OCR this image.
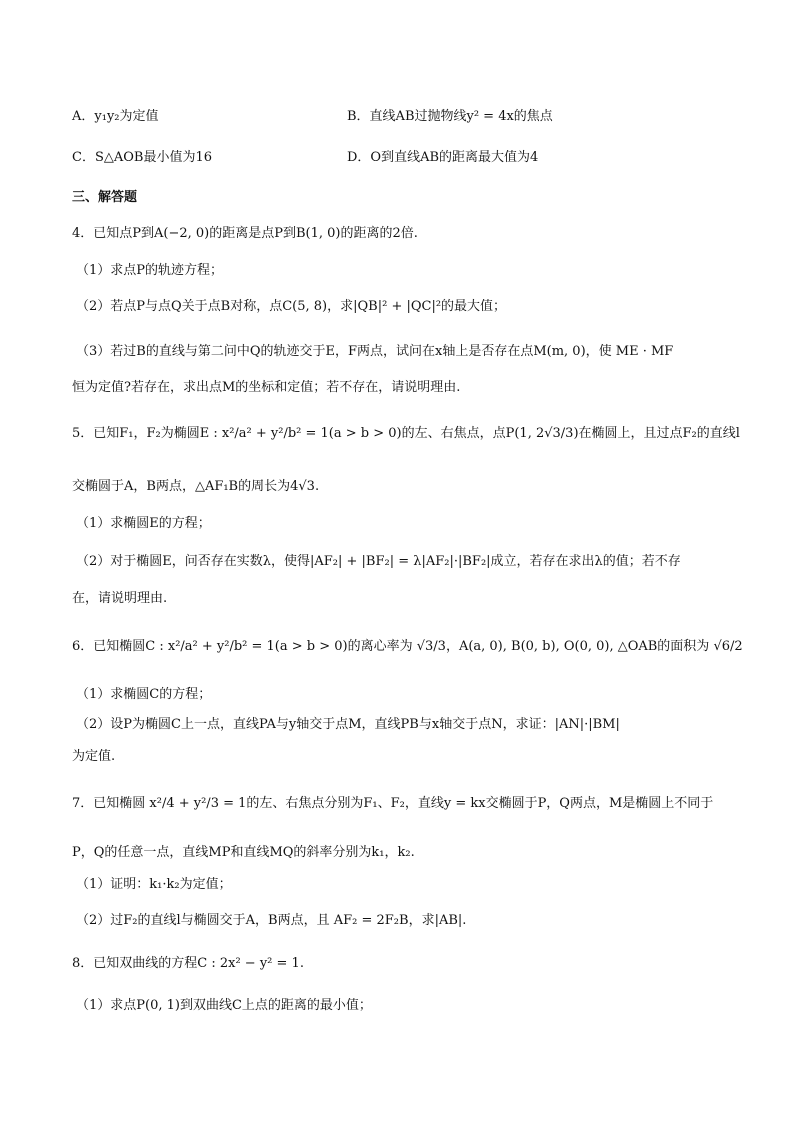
A．y₁y₂为定值	B．直线AB过抛物线y² = 4x的焦点
C．S△AOB最小值为16	D．O到直线AB的距离最大值为4
三、解答题
4．已知点P到A(−2, 0)的距离是点P到B(1, 0)的距离的2倍.
（1）求点P的轨迹方程；
（2）若点P与点Q关于点B对称，点C(5, 8)，求|QB|² + |QC|²的最大值；
（3）若过B的直线与第二问中Q的轨迹交于E，F两点，试问在x轴上是否存在点M(m, 0)，使 ME · MF
恒为定值?若存在，求出点M的坐标和定值；若不存在，请说明理由.
5．已知F₁，F₂为椭圆E : x²/a² + y²/b² = 1(a > b > 0)的左、右焦点，点P(1, 2√3/3)在椭圆上，且过点F₂的直线l
交椭圆于A，B两点，△AF₁B的周长为4√3.
（1）求椭圆E的方程；
（2）对于椭圆E，问否存在实数λ，使得|AF₂| + |BF₂| = λ|AF₂|·|BF₂|成立，若存在求出λ的值；若不存
在，请说明理由.
6．已知椭圆C : x²/a² + y²/b² = 1(a > b > 0)的离心率为 √3/3，A(a, 0), B(0, b), O(0, 0), △OAB的面积为 √6/2
（1）求椭圆C的方程；
（2）设P为椭圆C上一点，直线PA与y轴交于点M，直线PB与x轴交于点N，求证：|AN|·|BM|
为定值.
7．已知椭圆 x²/4 + y²/3 = 1的左、右焦点分别为F₁、F₂，直线y = kx交椭圆于P，Q两点，M是椭圆上不同于
P，Q的任意一点，直线MP和直线MQ的斜率分别为k₁，k₂.
（1）证明：k₁·k₂为定值；
（2）过F₂的直线l与椭圆交于A，B两点，且 AF₂ = 2F₂B，求|AB|.
8．已知双曲线的方程C : 2x² − y² = 1.
（1）求点P(0, 1)到双曲线C上点的距离的最小值；
